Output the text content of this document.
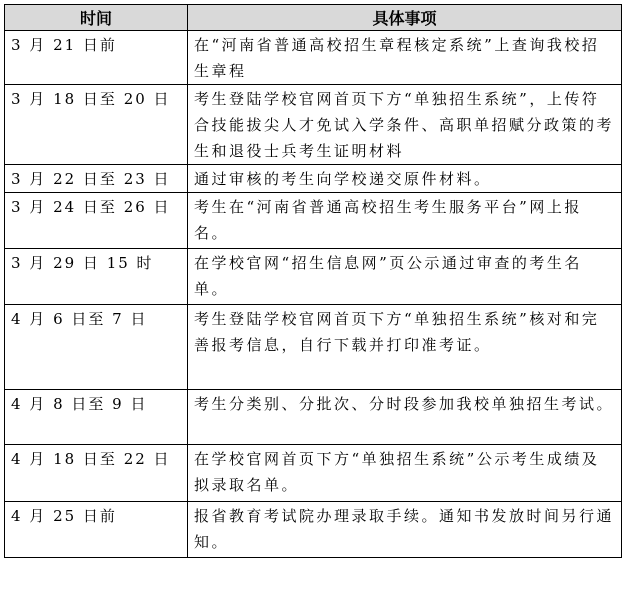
时间	具体事项
3 月 21 日前	在“河南省普通高校招生章程核定系统”上查询我校招生章程
3 月 18 日至 20 日	考生登陆学校官网首页下方“单独招生系统”，上传符合技能拔尖人才免试入学条件、高职单招赋分政策的考生和退役士兵考生证明材料
3 月 22 日至 23 日	通过审核的考生向学校递交原件材料。
3 月 24 日至 26 日	考生在“河南省普通高校招生考生服务平台”网上报名。
3 月 29 日 15 时	在学校官网“招生信息网”页公示通过审查的考生名单。
4 月 6 日至 7 日	考生登陆学校官网首页下方“单独招生系统”核对和完善报考信息，自行下载并打印准考证。
4 月 8 日至 9 日	考生分类别、分批次、分时段参加我校单独招生考试。
4 月 18 日至 22 日	在学校官网首页下方“单独招生系统”公示考生成绩及拟录取名单。
4 月 25 日前	报省教育考试院办理录取手续。通知书发放时间另行通知。
